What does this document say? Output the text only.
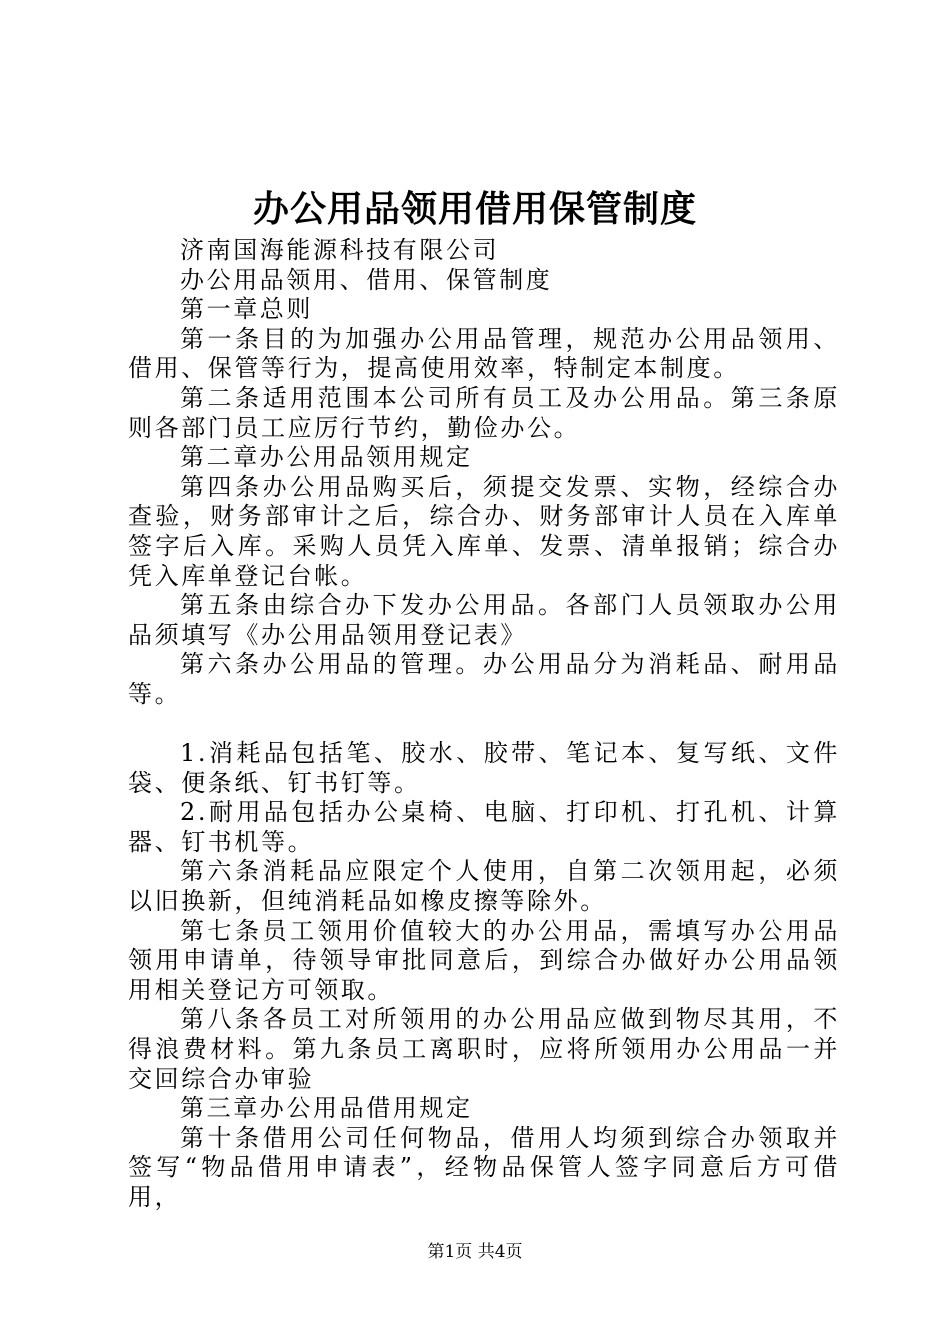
办公用品领用借用保管制度

济南国海能源科技有限公司

办公用品领用、借用、保管制度

第一章总则

第一条目的为加强办公用品管理，规范办公用品领用、借用、保管等行为，提高使用效率，特制定本制度。

第二条适用范围本公司所有员工及办公用品。第三条原则各部门员工应厉行节约，勤俭办公。

第二章办公用品领用规定

第四条办公用品购买后，须提交发票、实物，经综合办查验，财务部审计之后，综合办、财务部审计人员在入库单签字后入库。采购人员凭入库单、发票、清单报销；综合办凭入库单登记台帐。

第五条由综合办下发办公用品。各部门人员领取办公用品须填写《办公用品领用登记表》

第六条办公用品的管理。办公用品分为消耗品、耐用品等。

1.消耗品包括笔、胶水、胶带、笔记本、复写纸、文件袋、便条纸、钉书钉等。

2.耐用品包括办公桌椅、电脑、打印机、打孔机、计算器、钉书机等。

第六条消耗品应限定个人使用，自第二次领用起，必须以旧换新，但纯消耗品如橡皮擦等除外。

第七条员工领用价值较大的办公用品，需填写办公用品领用申请单，待领导审批同意后，到综合办做好办公用品领用相关登记方可领取。

第八条各员工对所领用的办公用品应做到物尽其用，不得浪费材料。第九条员工离职时，应将所领用办公用品一并交回综合办审验

第三章办公用品借用规定

第十条借用公司任何物品，借用人均须到综合办领取并签写“物品借用申请表”，经物品保管人签字同意后方可借用，

第1页 共4页
